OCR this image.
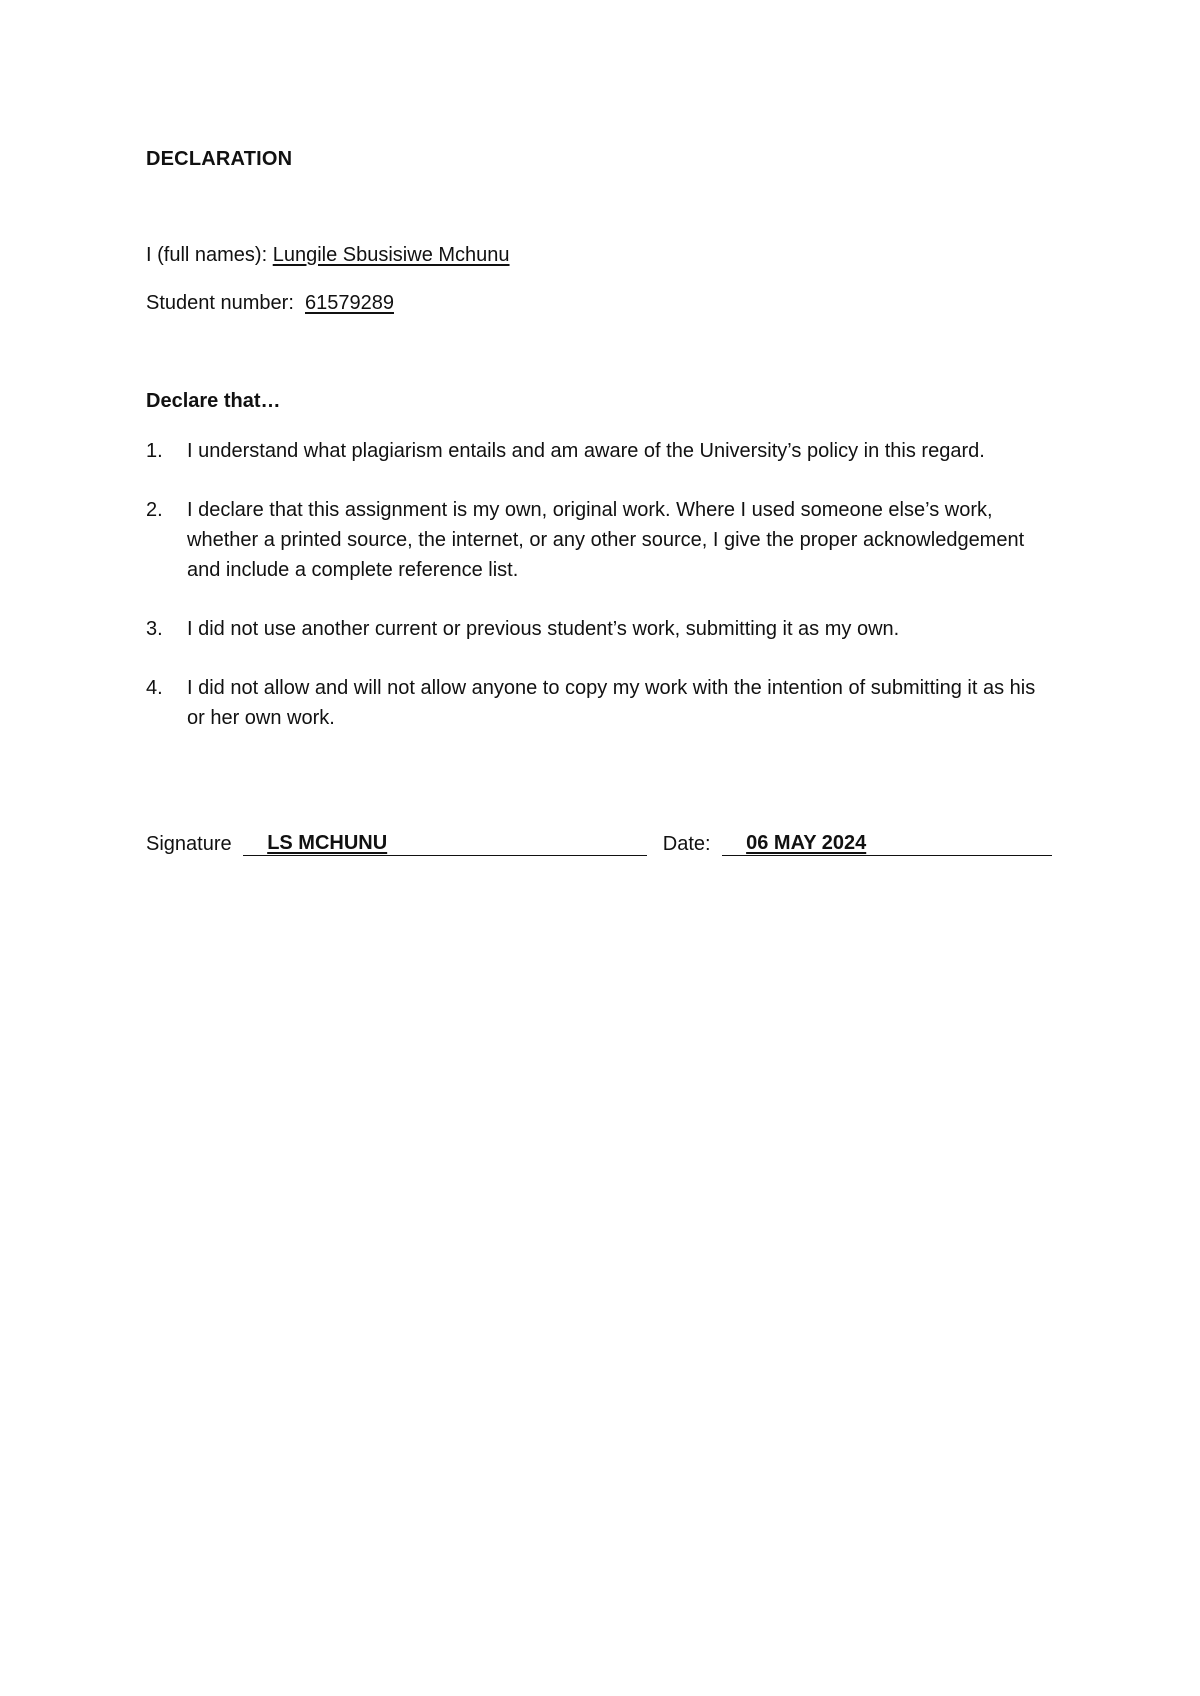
DECLARATION
I (full names): Lungile Sbusisiwe Mchunu
Student number: 61579289
Declare that…
1. I understand what plagiarism entails and am aware of the University’s policy in this regard.
2. I declare that this assignment is my own, original work. Where I used someone else’s work, whether a printed source, the internet, or any other source, I give the proper acknowledgement and include a complete reference list.
3. I did not use another current or previous student’s work, submitting it as my own.
4. I did not allow and will not allow anyone to copy my work with the intention of submitting it as his or her own work.
Signature LS MCHUNU	Date: 06 MAY 2024
